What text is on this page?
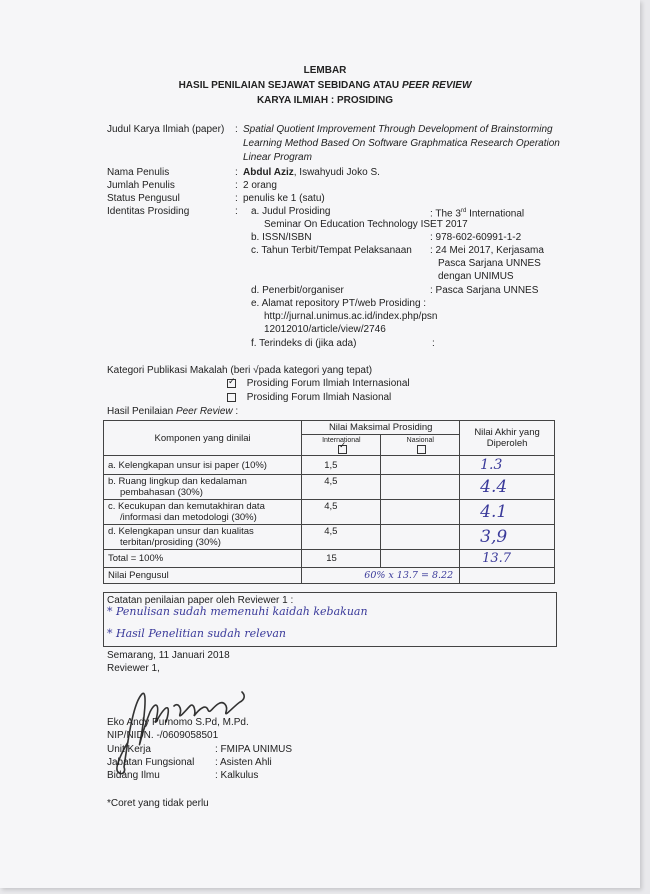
LEMBAR
HASIL PENILAIAN SEJAWAT SEBIDANG ATAU PEER REVIEW
KARYA ILMIAH : PROSIDING
Judul Karya Ilmiah (paper) : Spatial Quotient Improvement Through Development of Brainstorming
Learning Method Based On Software Graphmatica Research Operation
Linear Program
Nama Penulis	: Abdul Aziz, Iswahyudi Joko S.
Jumlah Penulis	: 2 orang
Status Pengusul	: penulis ke 1 (satu)
Identitas Prosiding	: a. Judul Prosiding	: The 3rd International
Seminar On Education Technology ISET 2017
b. ISSN/ISBN	: 978-602-60991-1-2
c. Tahun Terbit/Tempat Pelaksanaan : 24 Mei 2017, Kerjasama
Pasca Sarjana UNNES
dengan UNIMUS
d. Penerbit/organiser	: Pasca Sarjana UNNES
e. Alamat repository PT/web Prosiding :
http://jurnal.unimus.ac.id/index.php/psn
12012010/article/view/2746
f. Terindeks di (jika ada)	:
Kategori Publikasi Makalah (beri √pada kategori yang tepat)
✓ Prosiding Forum Ilmiah Internasional
Prosiding Forum Ilmiah Nasional
Hasil Penilaian Peer Review :
Komponen yang dinilai	Nilai Maksimal Prosiding		Nilai Akhir yang
Diperoleh

	International
✓	Nasional	

a. Kelengkapan unsur isi paper (10%)	1,5		1.3

b. Ruang lingkup dan kedalaman
pembahasan (30%)	4,5		4.4

c. Kecukupan dan kemutakhiran data
/informasi dan metodologi (30%)	4,5		4.1

d. Kelengkapan unsur dan kualitas
terbitan/prosiding (30%)	4,5		3,9
Total = 100%	15		13.7
Nilai Pengusul	60% x 13.7 = 8.22		
Catatan penilaian paper oleh Reviewer 1 :
* Penulisan sudah memenuhi kaidah kebakuan
* Hasil Penelitian sudah relevan
Semarang, 11 Januari 2018
Reviewer 1,
Eko Andy Purnomo S.Pd, M.Pd.
NIP/NIDN. -/0609058501
Unit Kerja	: FMIPA UNIMUS
Jabatan Fungsional : Asisten Ahli
Bidang Ilmu	: Kalkulus
*Coret yang tidak perlu
